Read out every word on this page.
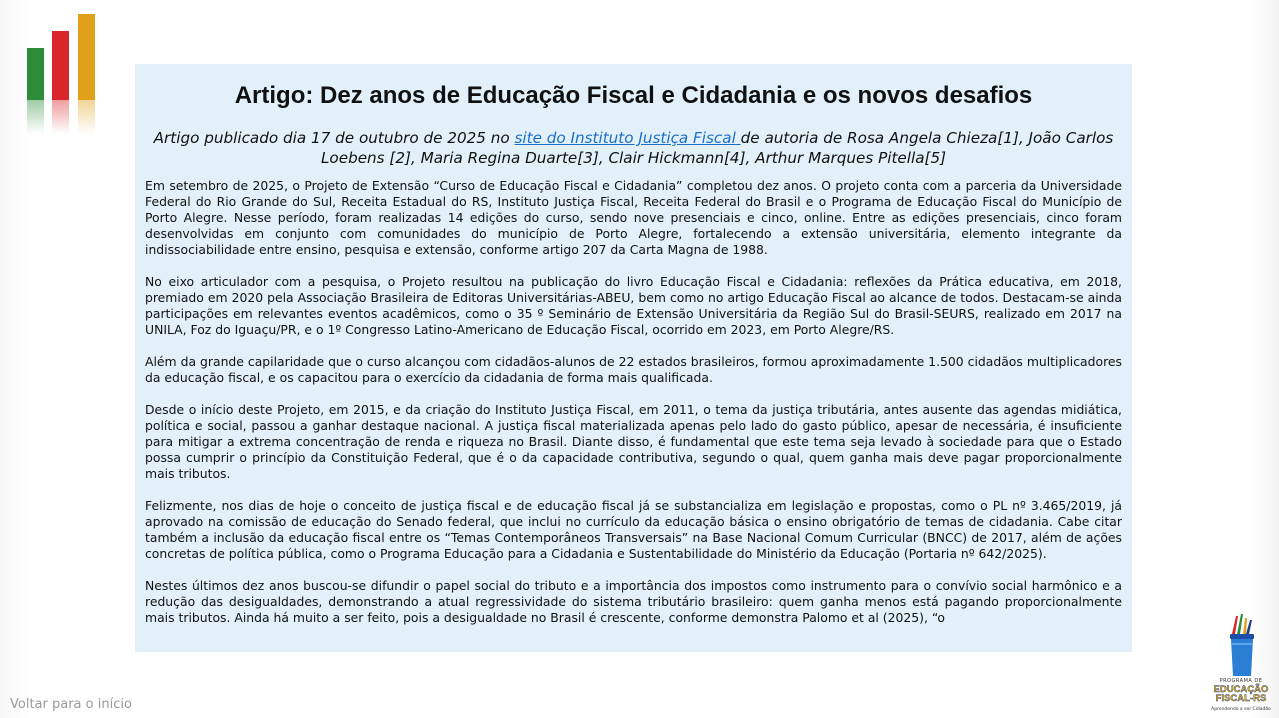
Artigo: Dez anos de Educação Fiscal e Cidadania e os novos desafios
Artigo publicado dia 17 de outubro de 2025 no site do Instituto Justiça Fiscal de autoria de Rosa Angela Chieza[1], João Carlos Loebens [2], Maria Regina Duarte[3], Clair Hickmann[4], Arthur Marques Pitella[5]

Em setembro de 2025, o Projeto de Extensão “Curso de Educação Fiscal e Cidadania” completou dez anos. O projeto conta com a parceria da Universidade Federal do Rio Grande do Sul, Receita Estadual do RS, Instituto Justiça Fiscal, Receita Federal do Brasil e o Programa de Educação Fiscal do Município de Porto Alegre. Nesse período, foram realizadas 14 edições do curso, sendo nove presenciais e cinco, online. Entre as edições presenciais, cinco foram desenvolvidas em conjunto com comunidades do município de Porto Alegre, fortalecendo a extensão universitária, elemento integrante da indissociabilidade entre ensino, pesquisa e extensão, conforme artigo 207 da Carta Magna de 1988.

No eixo articulador com a pesquisa, o Projeto resultou na publicação do livro Educação Fiscal e Cidadania: reflexões da Prática educativa, em 2018, premiado em 2020 pela Associação Brasileira de Editoras Universitárias-ABEU, bem como no artigo Educação Fiscal ao alcance de todos. Destacam-se ainda participações em relevantes eventos acadêmicos, como o 35 º Seminário de Extensão Universitária da Região Sul do Brasil-SEURS, realizado em 2017 na UNILA, Foz do Iguaçu/PR, e o 1º Congresso Latino-Americano de Educação Fiscal, ocorrido em 2023, em Porto Alegre/RS.

Além da grande capilaridade que o curso alcançou com cidadãos-alunos de 22 estados brasileiros, formou aproximadamente 1.500 cidadãos multiplicadores da educação fiscal, e os capacitou para o exercício da cidadania de forma mais qualificada.

Desde o início deste Projeto, em 2015, e da criação do Instituto Justiça Fiscal, em 2011, o tema da justiça tributária, antes ausente das agendas midiática, política e social, passou a ganhar destaque nacional. A justiça fiscal materializada apenas pelo lado do gasto público, apesar de necessária, é insuficiente para mitigar a extrema concentração de renda e riqueza no Brasil. Diante disso, é fundamental que este tema seja levado à sociedade para que o Estado possa cumprir o princípio da Constituição Federal, que é o da capacidade contributiva, segundo o qual, quem ganha mais deve pagar proporcionalmente mais tributos.

Felizmente, nos dias de hoje o conceito de justiça fiscal e de educação fiscal já se substancializa em legislação e propostas, como o PL nº 3.465/2019, já aprovado na comissão de educação do Senado federal, que inclui no currículo da educação básica o ensino obrigatório de temas de cidadania. Cabe citar também a inclusão da educação fiscal entre os “Temas Contemporâneos Transversais” na Base Nacional Comum Curricular (BNCC) de 2017, além de ações concretas de política pública, como o Programa Educação para a Cidadania e Sustentabilidade do Ministério da Educação (Portaria nº 642/2025).

Nestes últimos dez anos buscou-se difundir o papel social do tributo e a importância dos impostos como instrumento para o convívio social harmônico e a redução das desigualdades, demonstrando a atual regressividade do sistema tributário brasileiro: quem ganha menos está pagando proporcionalmente mais tributos. Ainda há muito a ser feito, pois a desigualdade no Brasil é crescente, conforme demonstra Palomo et al (2025), “o

Voltar para o início
PROGRAMA DE
EDUCAÇÃO
FISCAL-RS
Aprendendo a ser Cidadão
